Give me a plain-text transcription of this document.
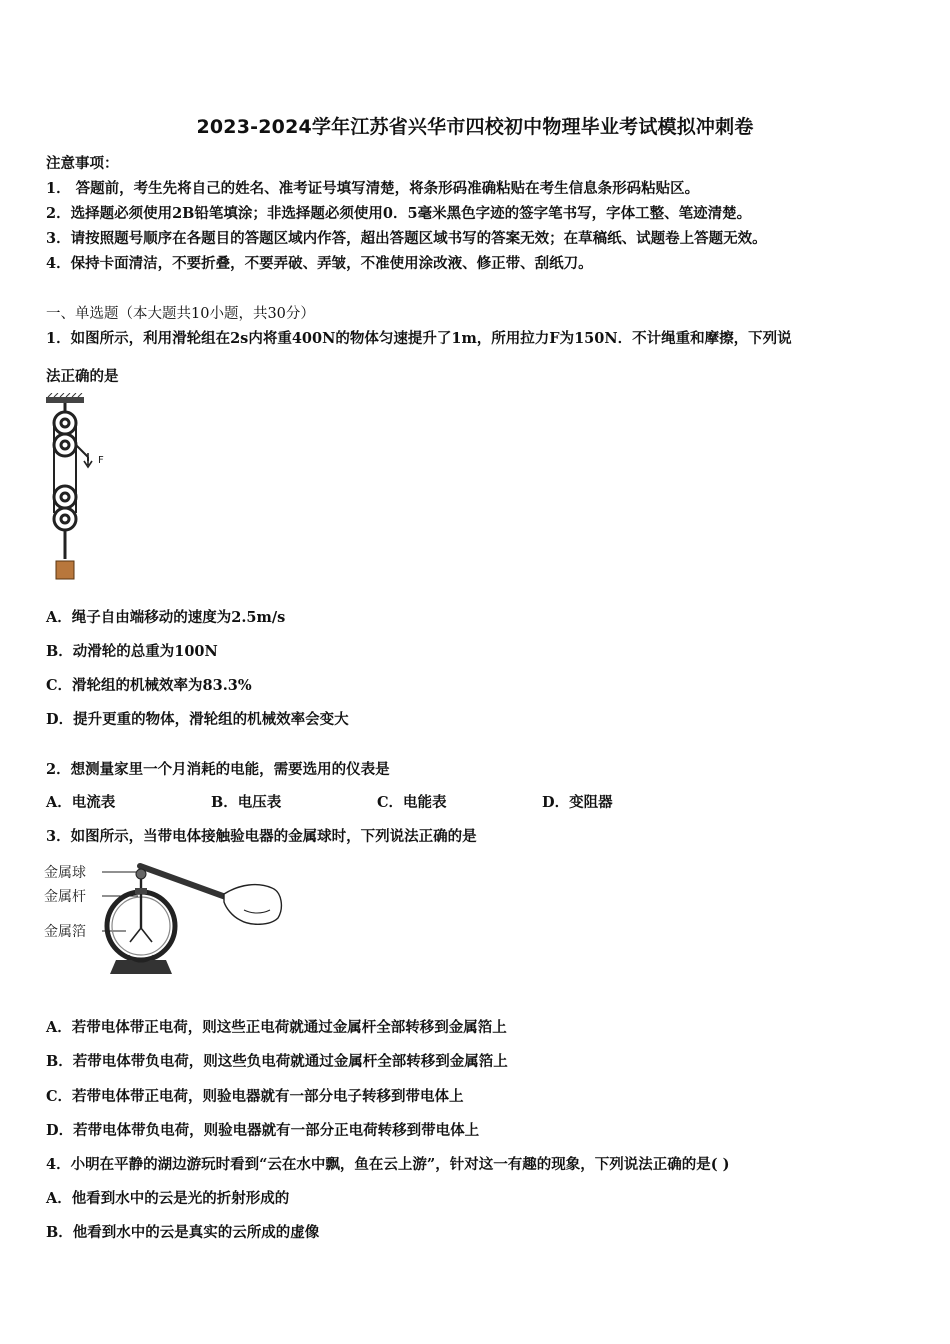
2023-2024学年江苏省兴华市四校初中物理毕业考试模拟冲刺卷
注意事项：
1． 答题前，考生先将自己的姓名、准考证号填写清楚，将条形码准确粘贴在考生信息条形码粘贴区。
2．选择题必须使用2B铅笔填涂；非选择题必须使用0．5毫米黑色字迹的签字笔书写，字体工整、笔迹清楚。
3．请按照题号顺序在各题目的答题区域内作答，超出答题区域书写的答案无效；在草稿纸、试题卷上答题无效。
4．保持卡面清洁，不要折叠，不要弄破、弄皱，不准使用涂改液、修正带、刮纸刀。
一、单选题（本大题共10小题，共30分）
1．如图所示，利用滑轮组在2s内将重400N的物体匀速提升了1m，所用拉力F为150N．不计绳重和摩擦，下列说
法正确的是
F
A．绳子自由端移动的速度为2.5m/s
B．动滑轮的总重为100N
C．滑轮组的机械效率为83.3%
D．提升更重的物体，滑轮组的机械效率会变大
2．想测量家里一个月消耗的电能，需要选用的仪表是
A．电流表	B．电压表	C．电能表	D．变阻器
3．如图所示，当带电体接触验电器的金属球时，下列说法正确的是
金属球
金属杆
金属箔
A．若带电体带正电荷，则这些正电荷就通过金属杆全部转移到金属箔上
B．若带电体带负电荷，则这些负电荷就通过金属杆全部转移到金属箔上
C．若带电体带正电荷，则验电器就有一部分电子转移到带电体上
D．若带电体带负电荷，则验电器就有一部分正电荷转移到带电体上
4．小明在平静的湖边游玩时看到“云在水中飘，鱼在云上游”，针对这一有趣的现象，下列说法正确的是( )
A．他看到水中的云是光的折射形成的
B．他看到水中的云是真实的云所成的虚像
